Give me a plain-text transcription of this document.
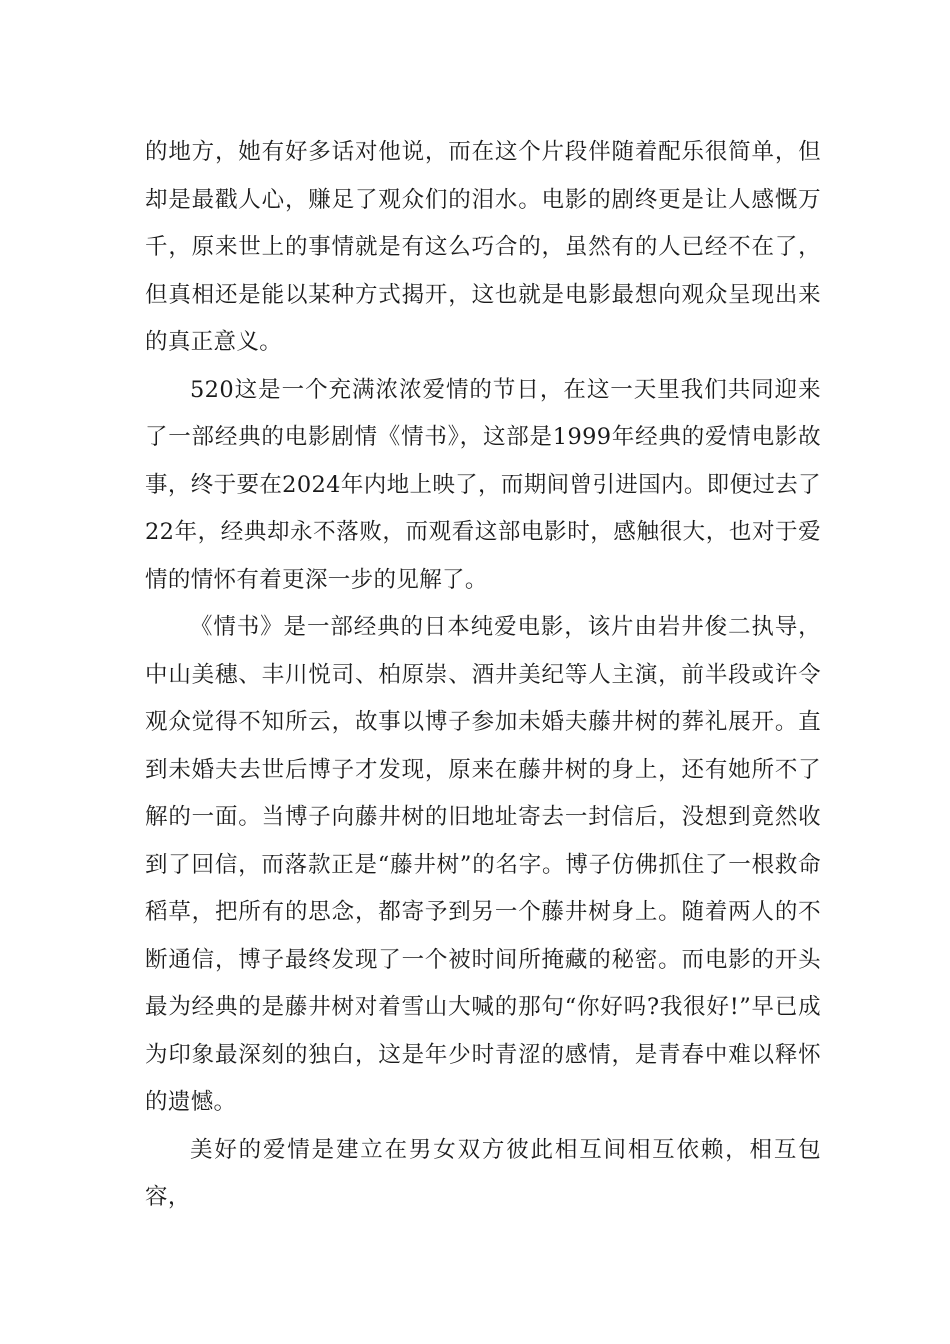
的地方，她有好多话对他说，而在这个片段伴随着配乐很简单，但却是最戳人心，赚足了观众们的泪水。电影的剧终更是让人感慨万千，原来世上的事情就是有这么巧合的，虽然有的人已经不在了，但真相还是能以某种方式揭开，这也就是电影最想向观众呈现出来的真正意义。

520这是一个充满浓浓爱情的节日，在这一天里我们共同迎来了一部经典的电影剧情《情书》，这部是1999年经典的爱情电影故事，终于要在2024年内地上映了，而期间曾引进国内。即便过去了22年，经典却永不落败，而观看这部电影时，感触很大，也对于爱情的情怀有着更深一步的见解了。

《情书》是一部经典的日本纯爱电影，该片由岩井俊二执导，中山美穗、丰川悦司、柏原崇、酒井美纪等人主演，前半段或许令观众觉得不知所云，故事以博子参加未婚夫藤井树的葬礼展开。直到未婚夫去世后博子才发现，原来在藤井树的身上，还有她所不了解的一面。当博子向藤井树的旧地址寄去一封信后，没想到竟然收到了回信，而落款正是“藤井树”的名字。博子仿佛抓住了一根救命稻草，把所有的思念，都寄予到另一个藤井树身上。随着两人的不断通信，博子最终发现了一个被时间所掩藏的秘密。而电影的开头最为经典的是藤井树对着雪山大喊的那句“你好吗?我很好!”早已成为印象最深刻的独白，这是年少时青涩的感情，是青春中难以释怀的遗憾。

美好的爱情是建立在男女双方彼此相互间相互依赖，相互包容，
